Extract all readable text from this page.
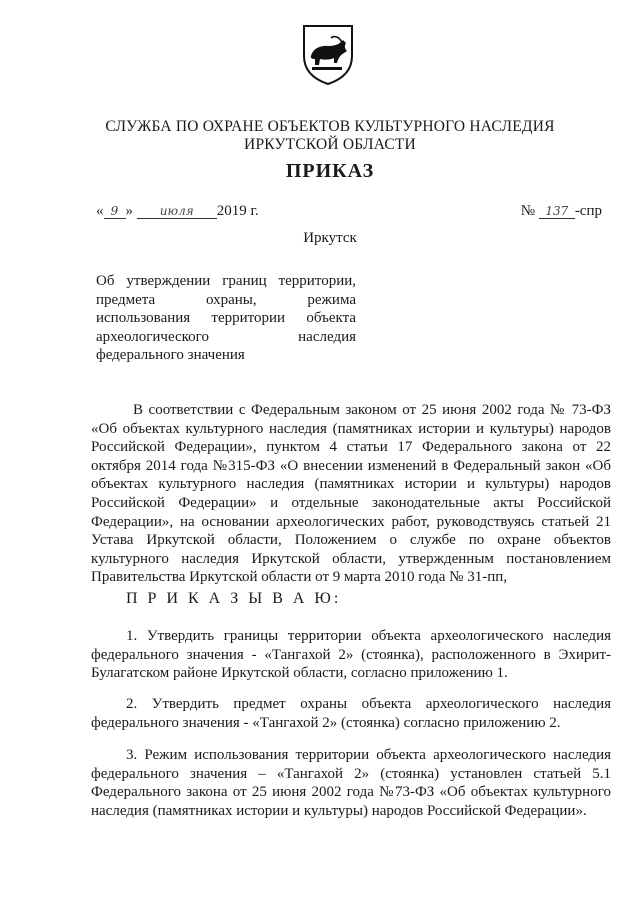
СЛУЖБА ПО ОХРАНЕ ОБЪЕКТОВ КУЛЬТУРНОГО НАСЛЕДИЯ
ИРКУТСКОЙ ОБЛАСТИ
ПРИКАЗ
« 9 » июля 2019 г.	№ 137 -спр
Иркутск
Об утверждении границ территории,
предмета охраны, режима
использования территории объекта
археологического наследия
федерального значения
В соответствии с Федеральным законом от 25 июня 2002 года № 73-ФЗ
«Об объектах культурного наследия (памятниках истории и культуры) народов
Российской Федерации», пунктом 4 статьи 17 Федерального закона от 22
октября 2014 года №315-ФЗ «О внесении изменений в Федеральный закон «Об
объектах культурного наследия (памятниках истории и культуры) народов
Российской Федерации» и отдельные законодательные акты Российской
Федерации», на основании археологических работ, руководствуясь статьей 21
Устава Иркутской области, Положением о службе по охране объектов
культурного наследия Иркутской области, утвержденным постановлением
Правительства Иркутской области от 9 марта 2010 года № 31-пп,
П Р И К А З Ы В А Ю:
1. Утвердить границы территории объекта археологического наследия
федерального значения - «Тангахой 2» (стоянка), расположенного в Эхирит-
Булагатском районе Иркутской области, согласно приложению 1.
2. Утвердить предмет охраны объекта археологического наследия
федерального значения - «Тангахой 2» (стоянка) согласно приложению 2.
3. Режим использования территории объекта археологического наследия
федерального значения – «Тангахой 2» (стоянка) установлен статьей 5.1
Федерального закона от 25 июня 2002 года №73-ФЗ «Об объектах культурного
наследия (памятниках истории и культуры) народов Российской Федерации».
